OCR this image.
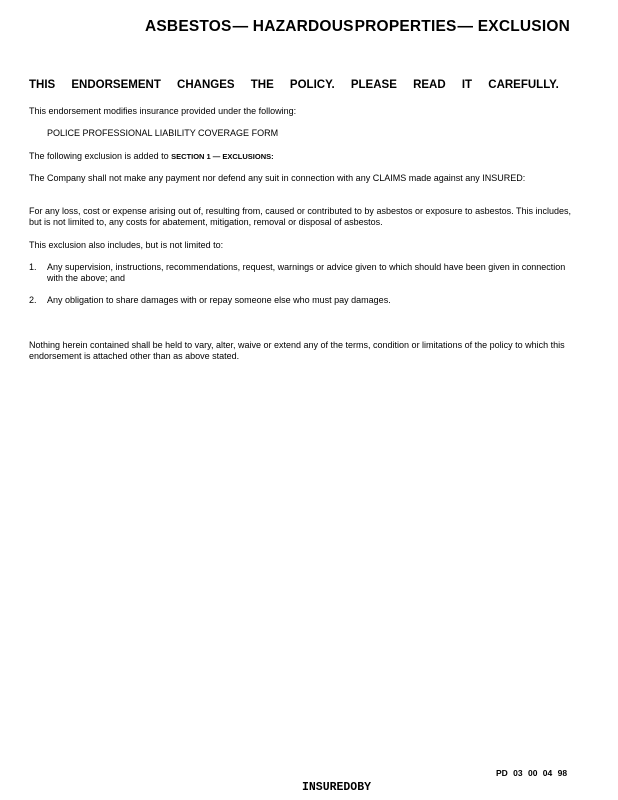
ASBESTOS — HAZARDOUS PROPERTIES — EXCLUSION
THIS ENDORSEMENT CHANGES THE POLICY. PLEASE READ IT CAREFULLY.
This endorsement modifies insurance provided under the following:
POLICE PROFESSIONAL LIABILITY COVERAGE FORM
The following exclusion is added to SECTION 1 — EXCLUSIONS:
The Company shall not make any payment nor defend any suit in connection with any CLAIMS made against any INSURED:
For any loss, cost or expense arising out of, resulting from, caused or contributed to by asbestos or exposure to asbestos. This includes, but is not limited to, any costs for abatement, mitigation, removal or disposal of asbestos.
This exclusion also includes, but is not limited to:
1. Any supervision, instructions, recommendations, request, warnings or advice given to which should have been given in connection with the above; and
2. Any obligation to share damages with or repay someone else who must pay damages.
Nothing herein contained shall be held to vary, alter, waive or extend any of the terms, condition or limitations of the policy to which this endorsement is attached other than as above stated.
PD 03 00 04 98
INSUREDOBY
